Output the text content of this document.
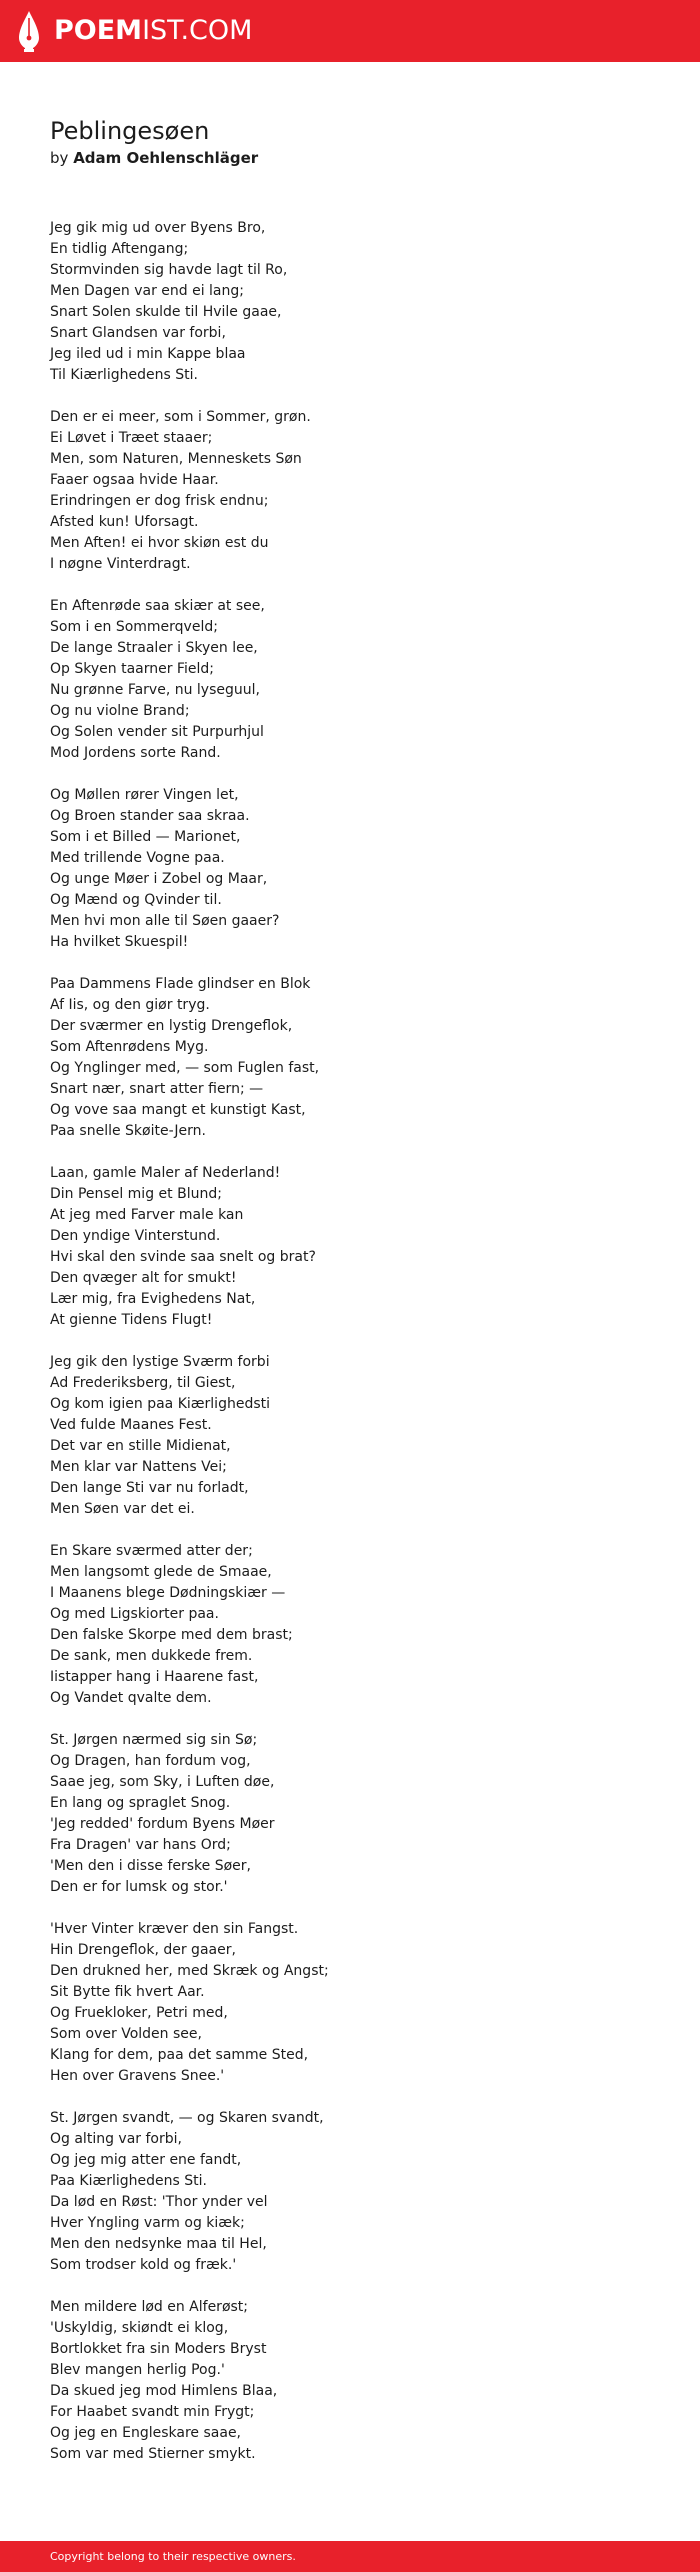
POEMIST.COM
Peblingesøen

by Adam Oehlenschläger

Jeg gik mig ud over Byens Bro,
En tidlig Aftengang;
Stormvinden sig havde lagt til Ro,
Men Dagen var end ei lang;
Snart Solen skulde til Hvile gaae,
Snart Glandsen var forbi,
Jeg iled ud i min Kappe blaa
Til Kiærlighedens Sti.
Den er ei meer, som i Sommer, grøn.
Ei Løvet i Træet staaer;
Men, som Naturen, Menneskets Søn
Faaer ogsaa hvide Haar.
Erindringen er dog frisk endnu;
Afsted kun! Uforsagt.
Men Aften! ei hvor skiøn est du
I nøgne Vinterdragt.
En Aftenrøde saa skiær at see,
Som i en Sommerqveld;
De lange Straaler i Skyen lee,
Op Skyen taarner Field;
Nu grønne Farve, nu lyseguul,
Og nu violne Brand;
Og Solen vender sit Purpurhjul
Mod Jordens sorte Rand.
Og Møllen rører Vingen let,
Og Broen stander saa skraa.
Som i et Billed — Marionet,
Med trillende Vogne paa.
Og unge Møer i Zobel og Maar,
Og Mænd og Qvinder til.
Men hvi mon alle til Søen gaaer?
Ha hvilket Skuespil!
Paa Dammens Flade glindser en Blok
Af Iis, og den giør tryg.
Der sværmer en lystig Drengeflok,
Som Aftenrødens Myg.
Og Ynglinger med, — som Fuglen fast,
Snart nær, snart atter fiern; —
Og vove saa mangt et kunstigt Kast,
Paa snelle Skøite-Jern.
Laan, gamle Maler af Nederland!
Din Pensel mig et Blund;
At jeg med Farver male kan
Den yndige Vinterstund.
Hvi skal den svinde saa snelt og brat?
Den qvæger alt for smukt!
Lær mig, fra Evighedens Nat,
At gienne Tidens Flugt!
Jeg gik den lystige Sværm forbi
Ad Frederiksberg, til Giest,
Og kom igien paa Kiærlighedsti
Ved fulde Maanes Fest.
Det var en stille Midienat,
Men klar var Nattens Vei;
Den lange Sti var nu forladt,
Men Søen var det ei.
En Skare sværmed atter der;
Men langsomt glede de Smaae,
I Maanens blege Dødningskiær —
Og med Ligskiorter paa.
Den falske Skorpe med dem brast;
De sank, men dukkede frem.
Iistapper hang i Haarene fast,
Og Vandet qvalte dem.
St. Jørgen nærmed sig sin Sø;
Og Dragen, han fordum vog,
Saae jeg, som Sky, i Luften døe,
En lang og spraglet Snog.
'Jeg redded' fordum Byens Møer
Fra Dragen' var hans Ord;
'Men den i disse ferske Søer,
Den er for lumsk og stor.'
'Hver Vinter kræver den sin Fangst.
Hin Drengeflok, der gaaer,
Den drukned her, med Skræk og Angst;
Sit Bytte fik hvert Aar.
Og Fruekloker, Petri med,
Som over Volden see,
Klang for dem, paa det samme Sted,
Hen over Gravens Snee.'
St. Jørgen svandt, — og Skaren svandt,
Og alting var forbi,
Og jeg mig atter ene fandt,
Paa Kiærlighedens Sti.
Da lød en Røst: 'Thor ynder vel
Hver Yngling varm og kiæk;
Men den nedsynke maa til Hel,
Som trodser kold og fræk.'
Men mildere lød en Alferøst;
'Uskyldig, skiøndt ei klog,
Bortlokket fra sin Moders Bryst
Blev mangen herlig Pog.'
Da skued jeg mod Himlens Blaa,
For Haabet svandt min Frygt;
Og jeg en Engleskare saae,
Som var med Stierner smykt.
Copyright belong to their respective owners.
